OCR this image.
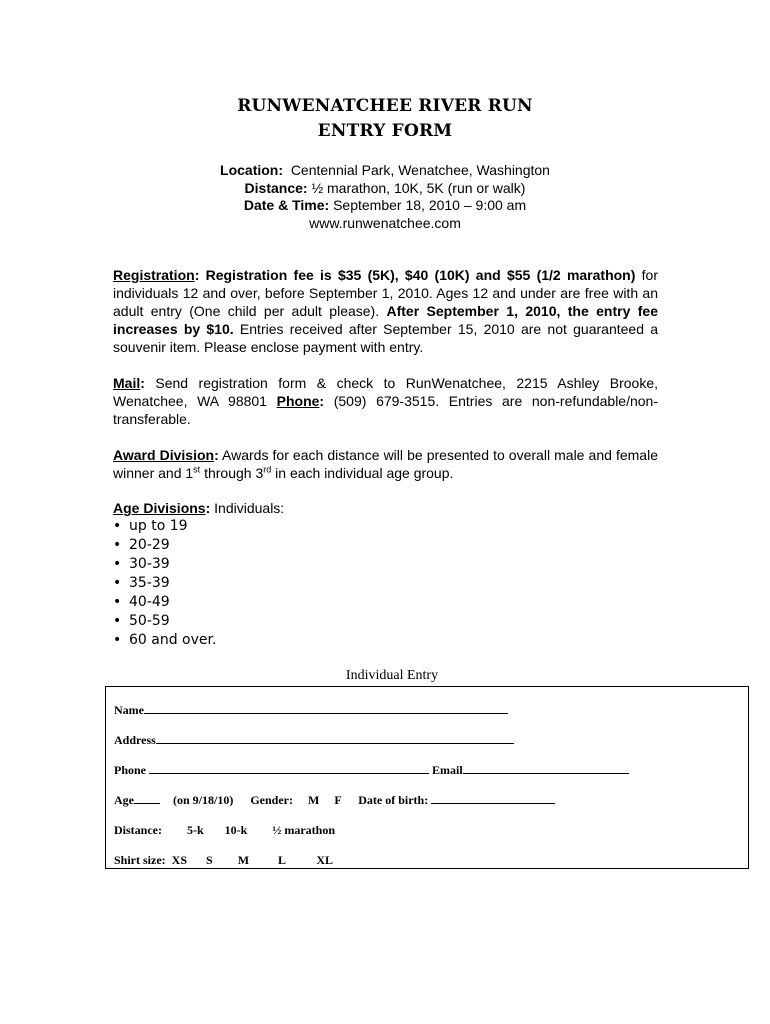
RUNWENATCHEE RIVER RUN
ENTRY FORM
Location: Centennial Park, Wenatchee, Washington
Distance: ½ marathon, 10K, 5K (run or walk)
Date & Time: September 18, 2010 – 9:00 am
www.runwenatchee.com
Registration: Registration fee is $35 (5K), $40 (10K) and $55 (1/2 marathon) for individuals 12 and over, before September 1, 2010. Ages 12 and under are free with an adult entry (One child per adult please). After September 1, 2010, the entry fee increases by $10. Entries received after September 15, 2010 are not guaranteed a souvenir item. Please enclose payment with entry.
Mail: Send registration form & check to RunWenatchee, 2215 Ashley Brooke, Wenatchee, WA 98801 Phone: (509) 679-3515. Entries are non-refundable/non-transferable.
Award Division: Awards for each distance will be presented to overall male and female winner and 1st through 3rd in each individual age group.
Age Divisions: Individuals:
• up to 19
• 20-29
• 30-39
• 35-39
• 40-49
• 50-59
• 60 and over.
Individual Entry
Name
Address
Phone	Email
Age	(on 9/18/10) Gender: M F Date of birth:
Distance: 5-k 10-k ½ marathon
Shirt size: XS S M L	XL
